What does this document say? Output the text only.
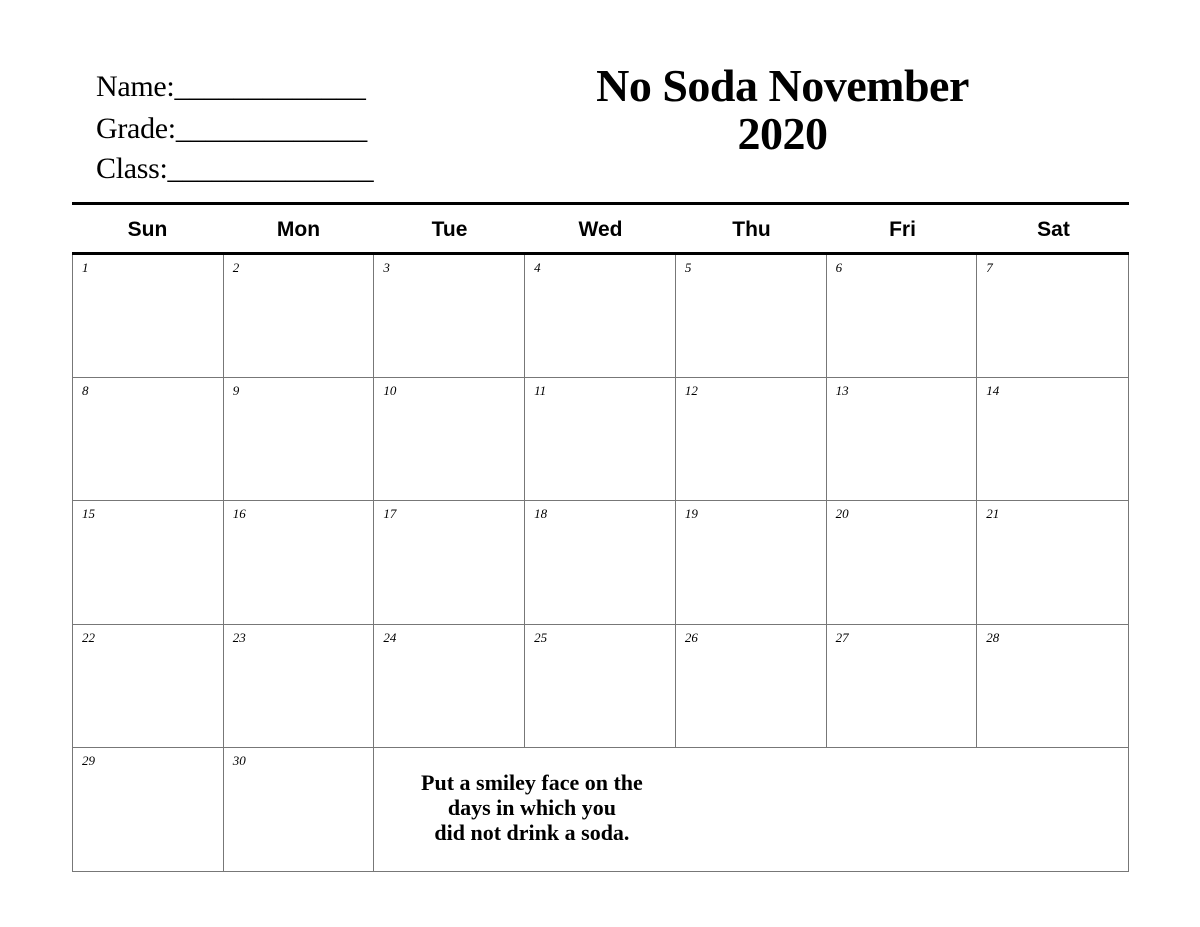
Name:_____________
Grade:_____________
Class:______________
No Soda November
2020
Sun	Mon	Tue	Wed	Thu	Fri	Sat
1	2	3	4	5	6	7
8	9	10	11	12	13	14
15	16	17	18	19	20	21
22	23	24	25	26	27	28
29	30
Put a smiley face on the
days in which you
did not drink a soda.
